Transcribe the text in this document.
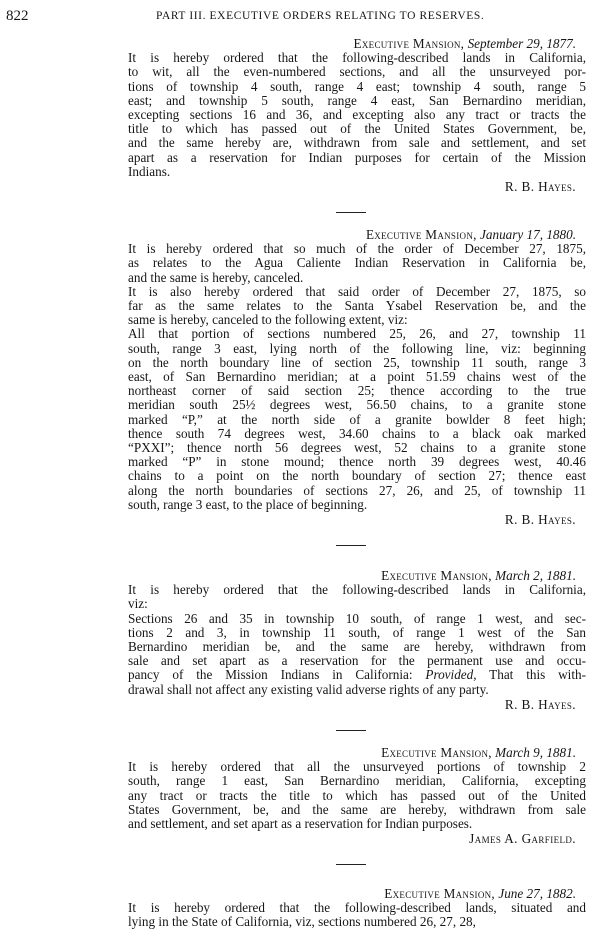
822	PART III. EXECUTIVE ORDERS RELATING TO RESERVES.

Executive Mansion, September 29, 1877.

It is hereby ordered that the following-described lands in California,
to wit, all the even-numbered sections, and all the unsurveyed por-
tions of township 4 south, range 4 east; township 4 south, range 5
east; and township 5 south, range 4 east, San Bernardino meridian,
excepting sections 16 and 36, and excepting also any tract or tracts the
title to which has passed out of the United States Government, be,
and the same hereby are, withdrawn from sale and settlement, and set
apart as a reservation for Indian purposes for certain of the Mission
Indians.

R. B. Hayes.

Executive Mansion, January 17, 1880.

It is hereby ordered that so much of the order of December 27, 1875,
as relates to the Agua Caliente Indian Reservation in California be,
and the same is hereby, canceled.

It is also hereby ordered that said order of December 27, 1875, so
far as the same relates to the Santa Ysabel Reservation be, and the
same is hereby, canceled to the following extent, viz:

All that portion of sections numbered 25, 26, and 27, township 11
south, range 3 east, lying north of the following line, viz: beginning
on the north boundary line of section 25, township 11 south, range 3
east, of San Bernardino meridian; at a point 51.59 chains west of the
northeast corner of said section 25; thence according to the true
meridian south 25½ degrees west, 56.50 chains, to a granite stone
marked “P,” at the north side of a granite bowlder 8 feet high;
thence south 74 degrees west, 34.60 chains to a black oak marked
“PXXI”; thence north 56 degrees west, 52 chains to a granite stone
marked “P” in stone mound; thence north 39 degrees west, 40.46
chains to a point on the north boundary of section 27; thence east
along the north boundaries of sections 27, 26, and 25, of township 11
south, range 3 east, to the place of beginning.

R. B. Hayes.

Executive Mansion, March 2, 1881.

It is hereby ordered that the following-described lands in California,
viz:

Sections 26 and 35 in township 10 south, of range 1 west, and sec-
tions 2 and 3, in township 11 south, of range 1 west of the San
Bernardino meridian be, and the same are hereby, withdrawn from
sale and set apart as a reservation for the permanent use and occu-
pancy of the Mission Indians in California: Provided, That this with-
drawal shall not affect any existing valid adverse rights of any party.

R. B. Hayes.

Executive Mansion, March 9, 1881.

It is hereby ordered that all the unsurveyed portions of township 2
south, range 1 east, San Bernardino meridian, California, excepting
any tract or tracts the title to which has passed out of the United
States Government, be, and the same are hereby, withdrawn from sale
and settlement, and set apart as a reservation for Indian purposes.

James A. Garfield.

Executive Mansion, June 27, 1882.

It is hereby ordered that the following-described lands, situated and
lying in the State of California, viz, sections numbered 26, 27, 28,
